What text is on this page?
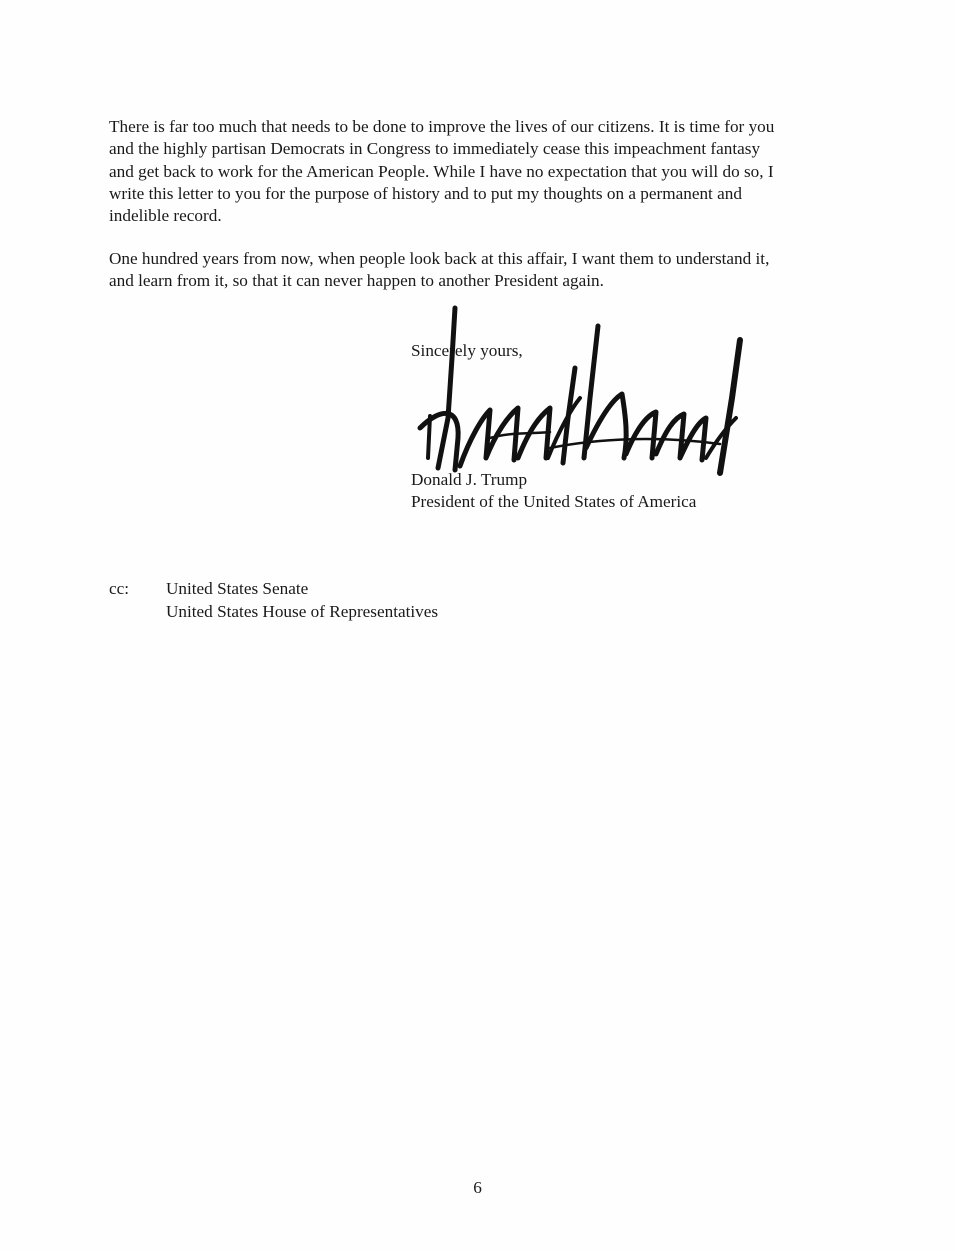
There is far too much that needs to be done to improve the lives of our citizens. It is time for you
and the highly partisan Democrats in Congress to immediately cease this impeachment fantasy
and get back to work for the American People. While I have no expectation that you will do so, I
write this letter to you for the purpose of history and to put my thoughts on a permanent and
indelible record.
One hundred years from now, when people look back at this affair, I want them to understand it,
and learn from it, so that it can never happen to another President again.
Sincerely yours,
Donald J. Trump
President of the United States of America
cc: United States Senate
United States House of Representatives
6
